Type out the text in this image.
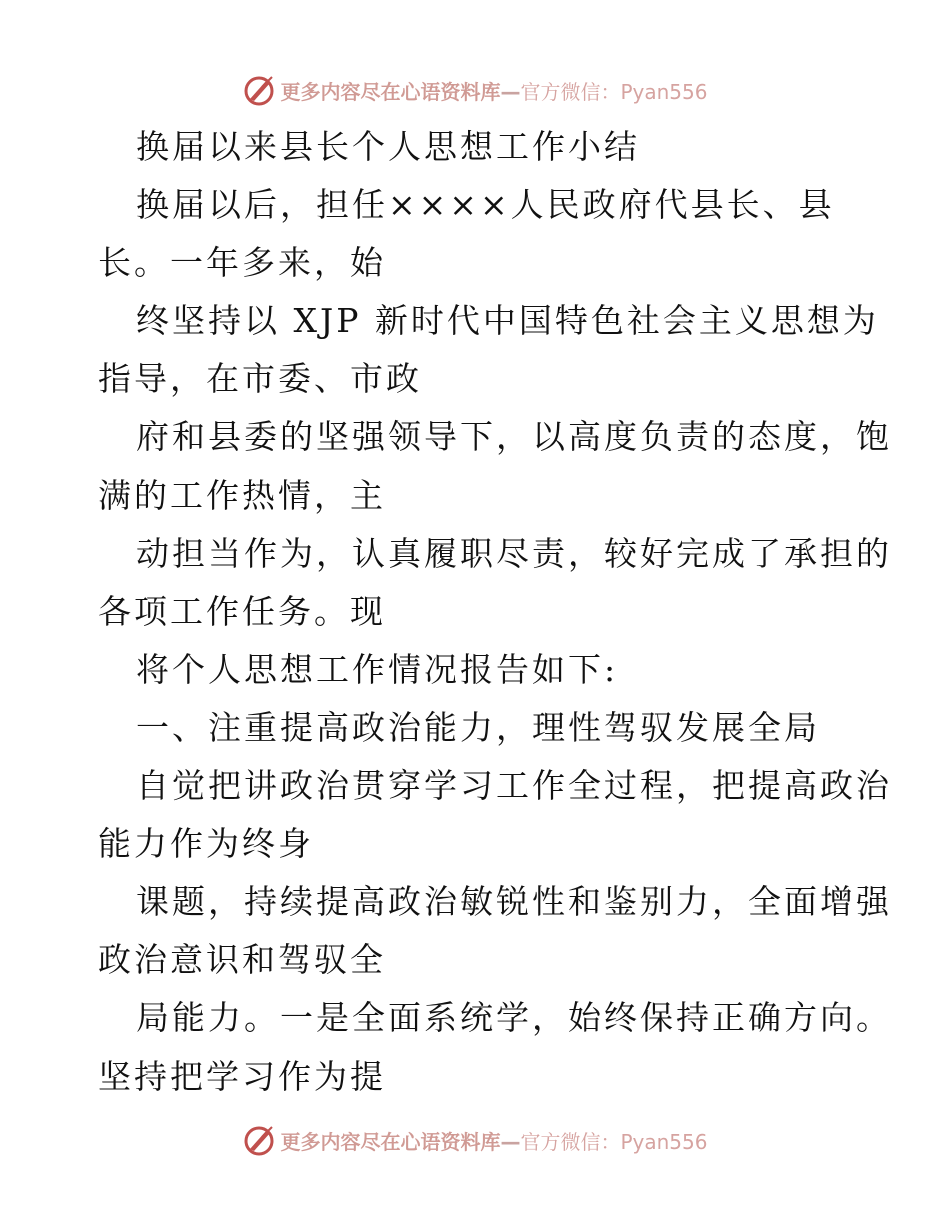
更多内容尽在心语资料库—官方微信：Pyan556
换届以来县长个人思想工作小结
换届以后，担任××××人民政府代县长、县
长。一年多来，始
终坚持以 XJP 新时代中国特色社会主义思想为
指导，在市委、市政
府和县委的坚强领导下，以高度负责的态度，饱
满的工作热情，主
动担当作为，认真履职尽责，较好完成了承担的
各项工作任务。现
将个人思想工作情况报告如下:
一、注重提高政治能力，理性驾驭发展全局
自觉把讲政治贯穿学习工作全过程，把提高政治
能力作为终身
课题，持续提高政治敏锐性和鉴别力，全面增强
政治意识和驾驭全
局能力。一是全面系统学，始终保持正确方向。
坚持把学习作为提
更多内容尽在心语资料库—官方微信：Pyan556
